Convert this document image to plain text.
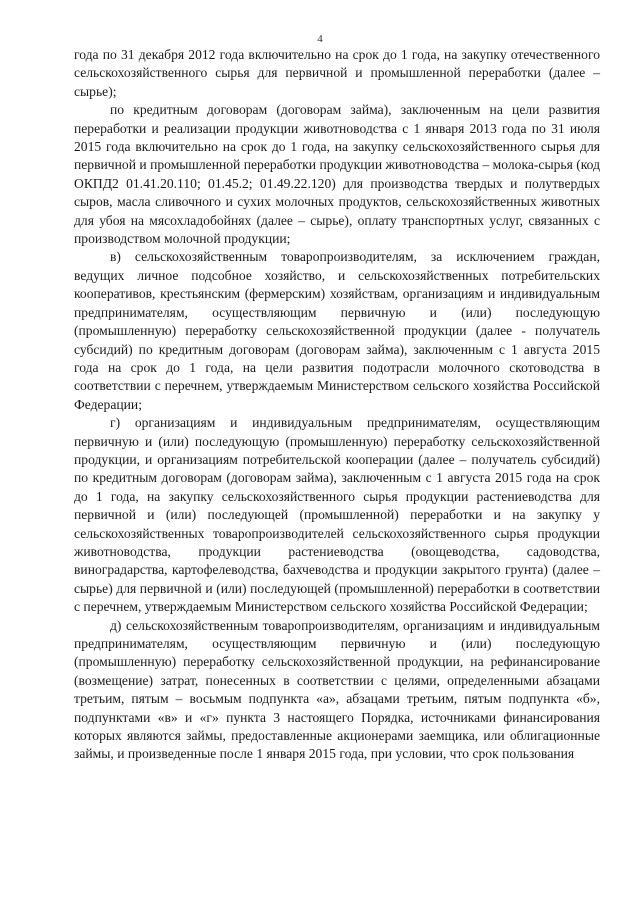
4

года по 31 декабря 2012 года включительно на срок до 1 года, на закупку отечественного сельскохозяйственного сырья для первичной и промышленной переработки (далее – сырье);

по кредитным договорам (договорам займа), заключенным на цели развития переработки и реализации продукции животноводства с 1 января 2013 года по 31 июля 2015 года включительно на срок до 1 года, на закупку сельскохозяйственного сырья для первичной и промышленной переработки продукции животноводства – молока-сырья (код ОКПД2 01.41.20.110; 01.45.2; 01.49.22.120) для производства твердых и полутвердых сыров, масла сливочного и сухих молочных продуктов, сельскохозяйственных животных для убоя на мясохладобойнях (далее – сырье), оплату транспортных услуг, связанных с производством молочной продукции;

в) сельскохозяйственным товаропроизводителям, за исключением граждан, ведущих личное подсобное хозяйство, и сельскохозяйственных потребительских кооперативов, крестьянским (фермерским) хозяйствам, организациям и индивидуальным предпринимателям, осуществляющим первичную и (или) последующую (промышленную) переработку сельскохозяйственной продукции (далее - получатель субсидий) по кредитным договорам (договорам займа), заключенным с 1 августа 2015 года на срок до 1 года, на цели развития подотрасли молочного скотоводства в соответствии с перечнем, утверждаемым Министерством сельского хозяйства Российской Федерации;

г) организациям и индивидуальным предпринимателям, осуществляющим первичную и (или) последующую (промышленную) переработку сельскохозяйственной продукции, и организациям потребительской кооперации (далее – получатель субсидий) по кредитным договорам (договорам займа), заключенным с 1 августа 2015 года на срок до 1 года, на закупку сельскохозяйственного сырья продукции растениеводства для первичной и (или) последующей (промышленной) переработки и на закупку у сельскохозяйственных товаропроизводителей сельскохозяйственного сырья продукции животноводства, продукции растениеводства (овощеводства, садоводства, виноградарства, картофелеводства, бахчеводства и продукции закрытого грунта) (далее – сырье) для первичной и (или) последующей (промышленной) переработки в соответствии с перечнем, утверждаемым Министерством сельского хозяйства Российской Федерации;

д) сельскохозяйственным товаропроизводителям, организациям и индивидуальным предпринимателям, осуществляющим первичную и (или) последующую (промышленную) переработку сельскохозяйственной продукции, на рефинансирование (возмещение) затрат, понесенных в соответствии с целями, определенными абзацами третьим, пятым – восьмым подпункта «а», абзацами третьим, пятым подпункта «б», подпунктами «в» и «г» пункта 3 настоящего Порядка, источниками финансирования которых являются займы, предоставленные акционерами заемщика, или облигационные займы, и произведенные после 1 января 2015 года, при условии, что срок пользования
